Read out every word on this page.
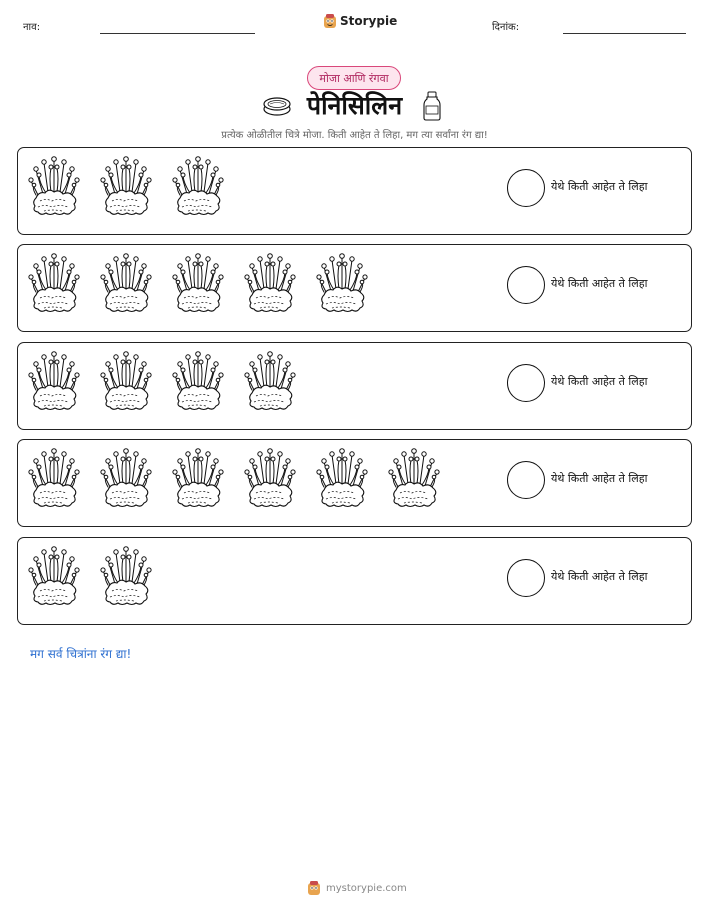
नाव:	Storypie	दिनांक:
मोजा आणि रंगवा
पेनिसिलिन
प्रत्येक ओळीतील चित्रे मोजा. किती आहेत ते लिहा, मग त्या सर्वांना रंग द्या!
येथे किती आहेत ते लिहा
येथे किती आहेत ते लिहा
येथे किती आहेत ते लिहा
येथे किती आहेत ते लिहा
येथे किती आहेत ते लिहा
मग सर्व चित्रांना रंग द्या!
mystorypie.com
